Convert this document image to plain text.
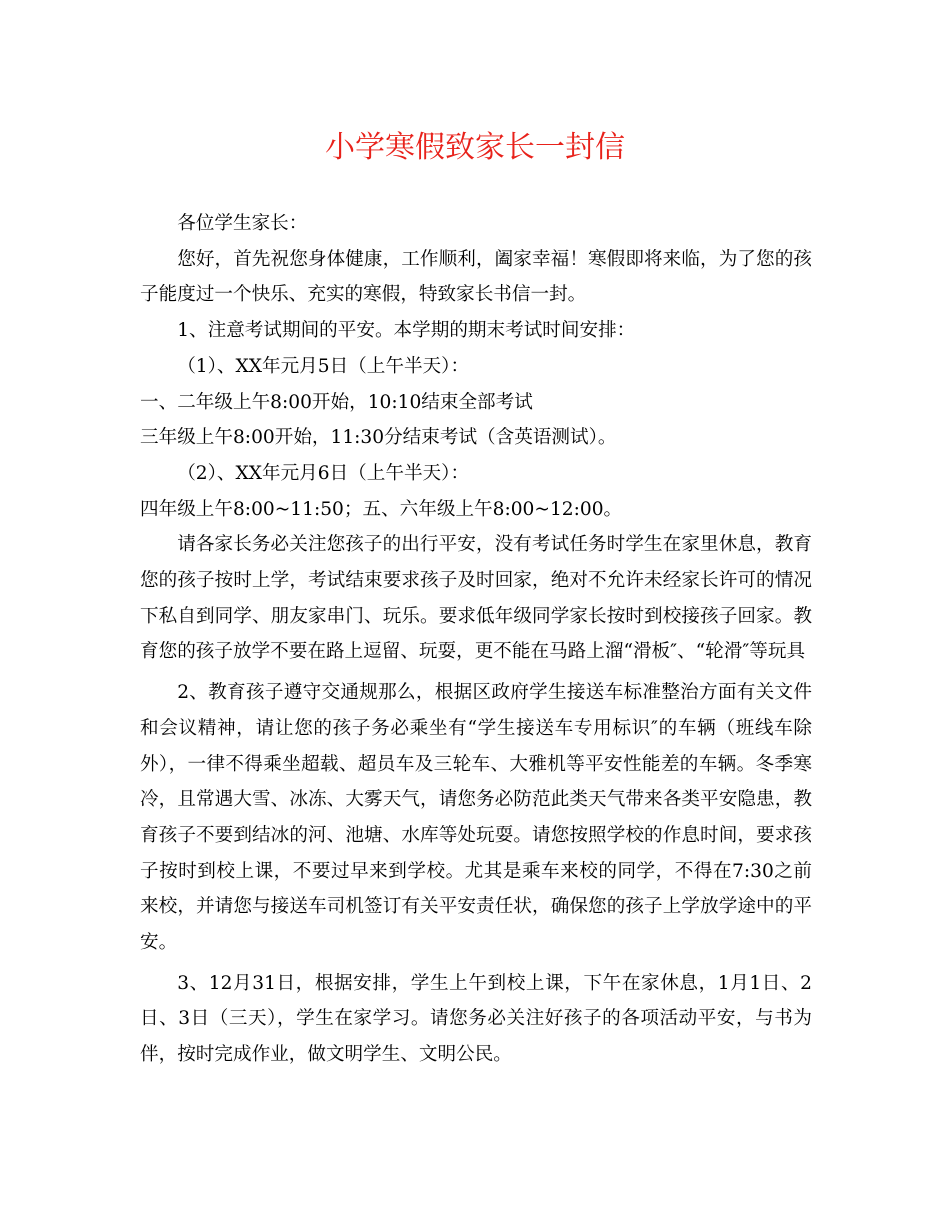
小学寒假致家长一封信

各位学生家长：

您好，首先祝您身体健康，工作顺利，阖家幸福！寒假即将来临，为了您的孩子能度过一个快乐、充实的寒假，特致家长书信一封。

1、注意考试期间的平安。本学期的期末考试时间安排：

（1）、XX年元月5日（上午半天）：

一、二年级上午8:00开始，10:10结束全部考试

三年级上午8:00开始，11:30分结束考试（含英语测试）。

（2）、XX年元月6日（上午半天）：

四年级上午8:00~11:50；五、六年级上午8:00~12:00。

请各家长务必关注您孩子的出行平安，没有考试任务时学生在家里休息，教育您的孩子按时上学，考试结束要求孩子及时回家，绝对不允许未经家长许可的情况下私自到同学、朋友家串门、玩乐。要求低年级同学家长按时到校接孩子回家。教育您的孩子放学不要在路上逗留、玩耍，更不能在马路上溜“滑板″、“轮滑″等玩具

2、教育孩子遵守交通规那么，根据区政府学生接送车标准整治方面有关文件和会议精神，请让您的孩子务必乘坐有“学生接送车专用标识″的车辆（班线车除外），一律不得乘坐超载、超员车及三轮车、大雅机等平安性能差的车辆。冬季寒冷，且常遇大雪、冰冻、大雾天气，请您务必防范此类天气带来各类平安隐患，教育孩子不要到结冰的河、池塘、水库等处玩耍。请您按照学校的作息时间，要求孩子按时到校上课，不要过早来到学校。尤其是乘车来校的同学，不得在7:30之前来校，并请您与接送车司机签订有关平安责任状，确保您的孩子上学放学途中的平安。

3、12月31日，根据安排，学生上午到校上课，下午在家休息，1月1日、2日、3日（三天），学生在家学习。请您务必关注好孩子的各项活动平安，与书为伴，按时完成作业，做文明学生、文明公民。
